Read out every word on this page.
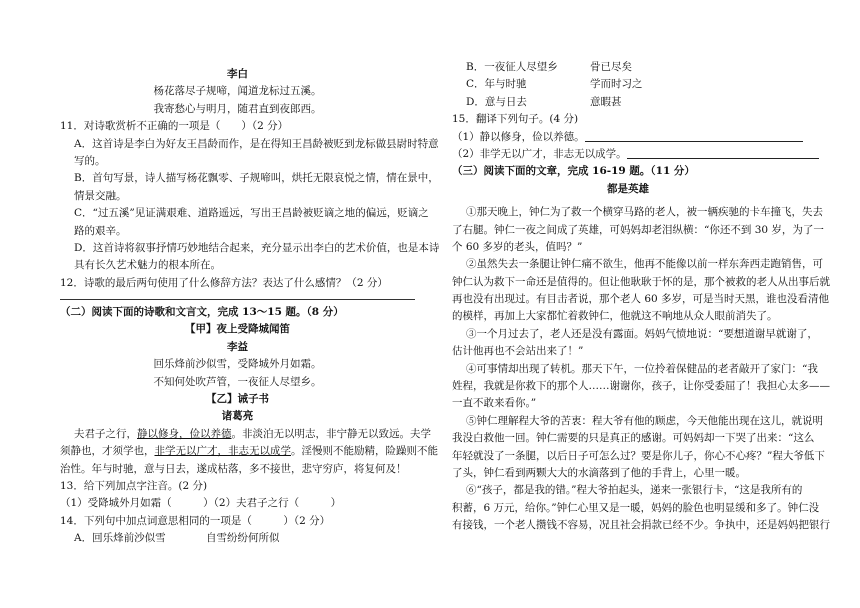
李白
杨花落尽子规啼，闻道龙标过五溪。
我寄愁心与明月，随君直到夜郎西。
11．对诗歌赏析不正确的一项是（　　）（2 分）
A．这首诗是李白为好友王昌龄而作，是在得知王昌龄被贬到龙标做县尉时特意
写的。
B．首句写景，诗人描写杨花飘零、子规啼叫，烘托无限哀悦之情，情在景中，
情景交融。
C．“过五溪”见证满艰难、道路遥远，写出王昌龄被贬谪之地的偏远，贬谪之
路的艰辛。
D．这首诗将叙事抒情巧妙地结合起来，充分显示出李白的艺术价值，也是本诗
具有长久艺术魅力的根本所在。
12．诗歌的最后两句使用了什么修辞方法？表达了什么感情？（2 分）
（二）阅读下面的诗歌和文言文，完成 13～15 题。（8 分）
【甲】夜上受降城闻笛
李益
回乐烽前沙似雪，受降城外月如霜。
不知何处吹芦管，一夜征人尽望乡。
【乙】诫子书
诸葛亮
夫君子之行，静以修身，俭以养德。非淡泊无以明志，非宁静无以致远。夫学
须静也，才须学也，非学无以广才，非志无以成学。淫慢则不能励精，险躁则不能
治性。年与时驰，意与日去，遂成枯落，多不接世，悲守穷庐，将复何及！
13．给下列加点字注音。(2 分)
（1）受降城外月如霜（　　　）（2）夫君子之行（　　　）
14．下列句中加点词意思相同的一项是（　　　）（2 分）
A．回乐烽前沙似雪	自雪纷纷何所似
B．一夜征人尽望乡	骨已尽矣
C．年与时驰	学而时习之
D．意与日去	意暇甚
15．翻译下列句子。(4 分)
（1）静以修身，俭以养德。
（2）非学无以广才，非志无以成学。
（三）阅读下面的文章，完成 16-19 题。（11 分）
都是英雄
①那天晚上，钟仁为了救一个横穿马路的老人，被一辆疾驰的卡车撞飞，失去
了右腿。钟仁一夜之间成了英雄，可妈妈却老泪纵横：“你还不到 30 岁，为了一
个 60 多岁的老头，值吗？”
②虽然失去一条腿让钟仁痛不欲生，他再不能像以前一样东奔西走跑销售，可
钟仁认为救下一命还是值得的。但让他耿耿于怀的是，那个被救的老人从出事后就
再也没有出现过。有目击者说，那个老人 60 多岁，可是当时天黑，谁也没看清他
的模样，再加上大家都忙着救钟仁，他就这不响地从众人眼前消失了。
③一个月过去了，老人还是没有露面。妈妈气愤地说：“要想道谢早就谢了，
估计他再也不会站出来了！”
④可事情却出现了转机。那天下午，一位拎着保健品的老者敲开了家门：“我
姓程，我就是你救下的那个人……谢谢你，孩子，让你受委屈了！我担心太多——
一直不敢来看你。”
⑤钟仁理解程大爷的苦衷：程大爷有他的顾虑，今天他能出现在这儿，就说明
我没白救他一回。钟仁需要的只是真正的感谢。可妈妈却一下哭了出来：“这么
年轻就没了一条腿，以后日子可怎么过？要是你儿子，你心不心疼？”程大爷低下
了头，钟仁看到两颗大大的水滴落到了他的手背上，心里一暖。
⑥“孩子，都是我的错。”程大爷拍起头，递来一张银行卡，“这是我所有的
积蓄，6 万元，给你。”钟仁心里又是一暖，妈妈的脸色也明显缓和多了。钟仁没
有接钱，一个老人攒钱不容易，况且社会捐款已经不少。争执中，还是妈妈把银行
